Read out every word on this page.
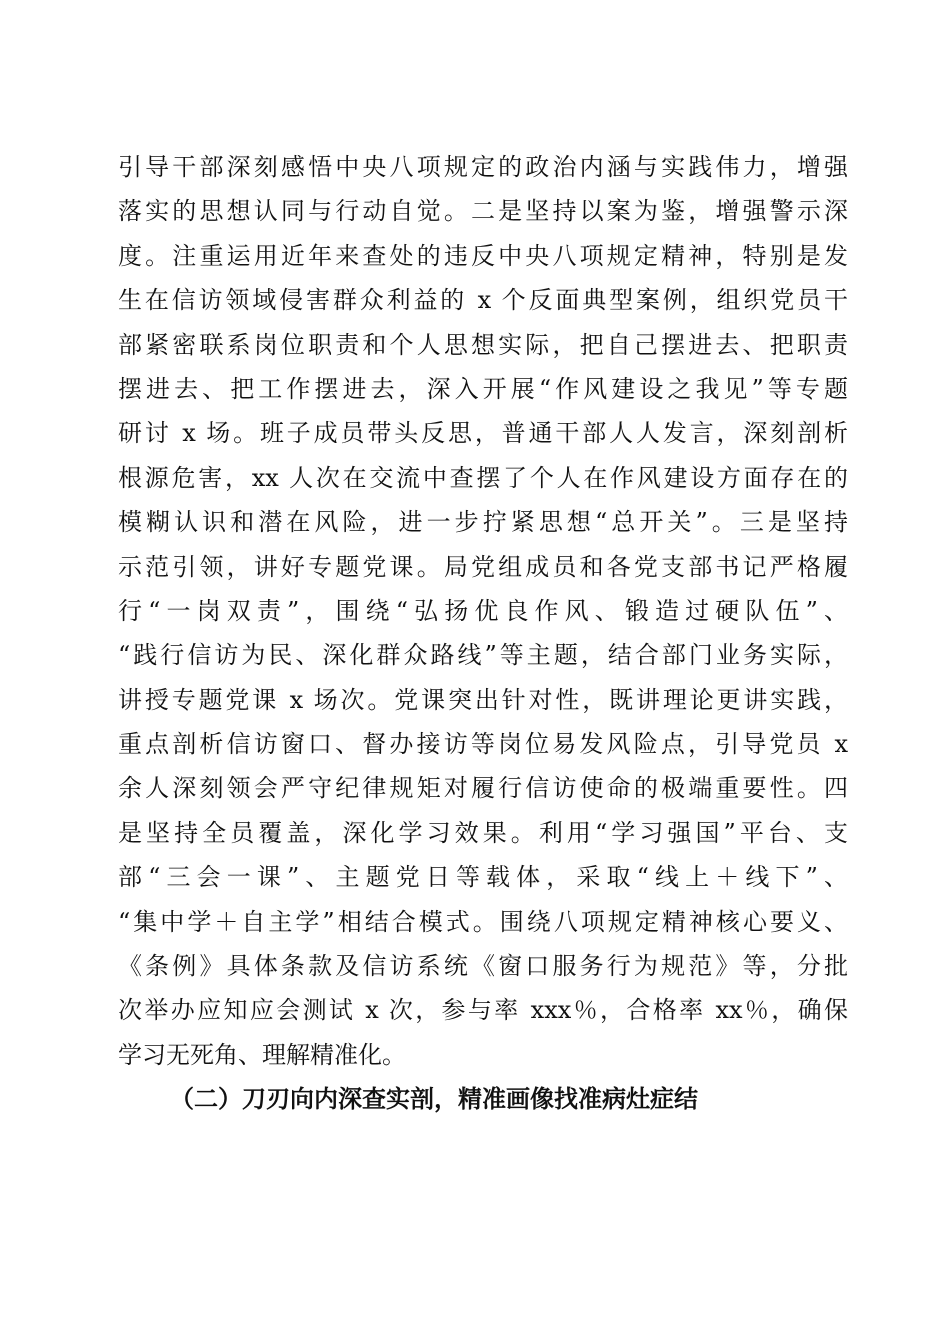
引导干部深刻感悟中央八项规定的政治内涵与实践伟力，增强
落实的思想认同与行动自觉。二是坚持以案为鉴，增强警示深
度。注重运用近年来查处的违反中央八项规定精神，特别是发
生在信访领域侵害群众利益的 x 个反面典型案例，组织党员干
部紧密联系岗位职责和个人思想实际，把自己摆进去、把职责
摆进去、把工作摆进去，深入开展“作风建设之我见”等专题
研讨 x 场。班子成员带头反思，普通干部人人发言，深刻剖析
根源危害，xx 人次在交流中查摆了个人在作风建设方面存在的
模糊认识和潜在风险，进一步拧紧思想“总开关”。三是坚持
示范引领，讲好专题党课。局党组成员和各党支部书记严格履
行“一岗双责”，围绕“弘扬优良作风、锻造过硬队伍”、
“践行信访为民、深化群众路线”等主题，结合部门业务实际，
讲授专题党课 x 场次。党课突出针对性，既讲理论更讲实践，
重点剖析信访窗口、督办接访等岗位易发风险点，引导党员 x
余人深刻领会严守纪律规矩对履行信访使命的极端重要性。四
是坚持全员覆盖，深化学习效果。利用“学习强国”平台、支
部“三会一课”、主题党日等载体，采取“线上＋线下”、
“集中学＋自主学”相结合模式。围绕八项规定精神核心要义、
《条例》具体条款及信访系统《窗口服务行为规范》等，分批
次举办应知应会测试 x 次，参与率 xxx％，合格率 xx％，确保
学习无死角、理解精准化。
（二）刀刃向内深查实剖，精准画像找准病灶症结
